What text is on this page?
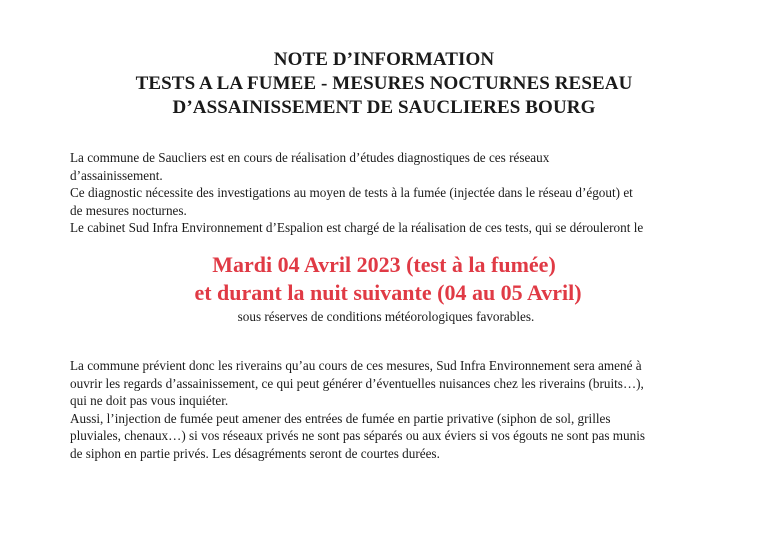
NOTE D’INFORMATION
TESTS A LA FUMEE - MESURES NOCTURNES RESEAU
D’ASSAINISSEMENT DE SAUCLIERES BOURG
La commune de Saucliers est en cours de réalisation d’études diagnostiques de ces réseaux
d’assainissement.
Ce diagnostic nécessite des investigations au moyen de tests à la fumée (injectée dans le réseau d’égout) et
de mesures nocturnes.
Le cabinet Sud Infra Environnement d’Espalion est chargé de la réalisation de ces tests, qui se dérouleront le
Mardi 04 Avril 2023 (test à la fumée)
et durant la nuit suivante (04 au 05 Avril)
sous réserves de conditions météorologiques favorables.
La commune prévient donc les riverains qu’au cours de ces mesures, Sud Infra Environnement sera amené à
ouvrir les regards d’assainissement, ce qui peut générer d’éventuelles nuisances chez les riverains (bruits…),
qui ne doit pas vous inquiéter.
Aussi, l’injection de fumée peut amener des entrées de fumée en partie privative (siphon de sol, grilles
pluviales, chenaux…) si vos réseaux privés ne sont pas séparés ou aux éviers si vos égouts ne sont pas munis
de siphon en partie privés. Les désagréments seront de courtes durées.
